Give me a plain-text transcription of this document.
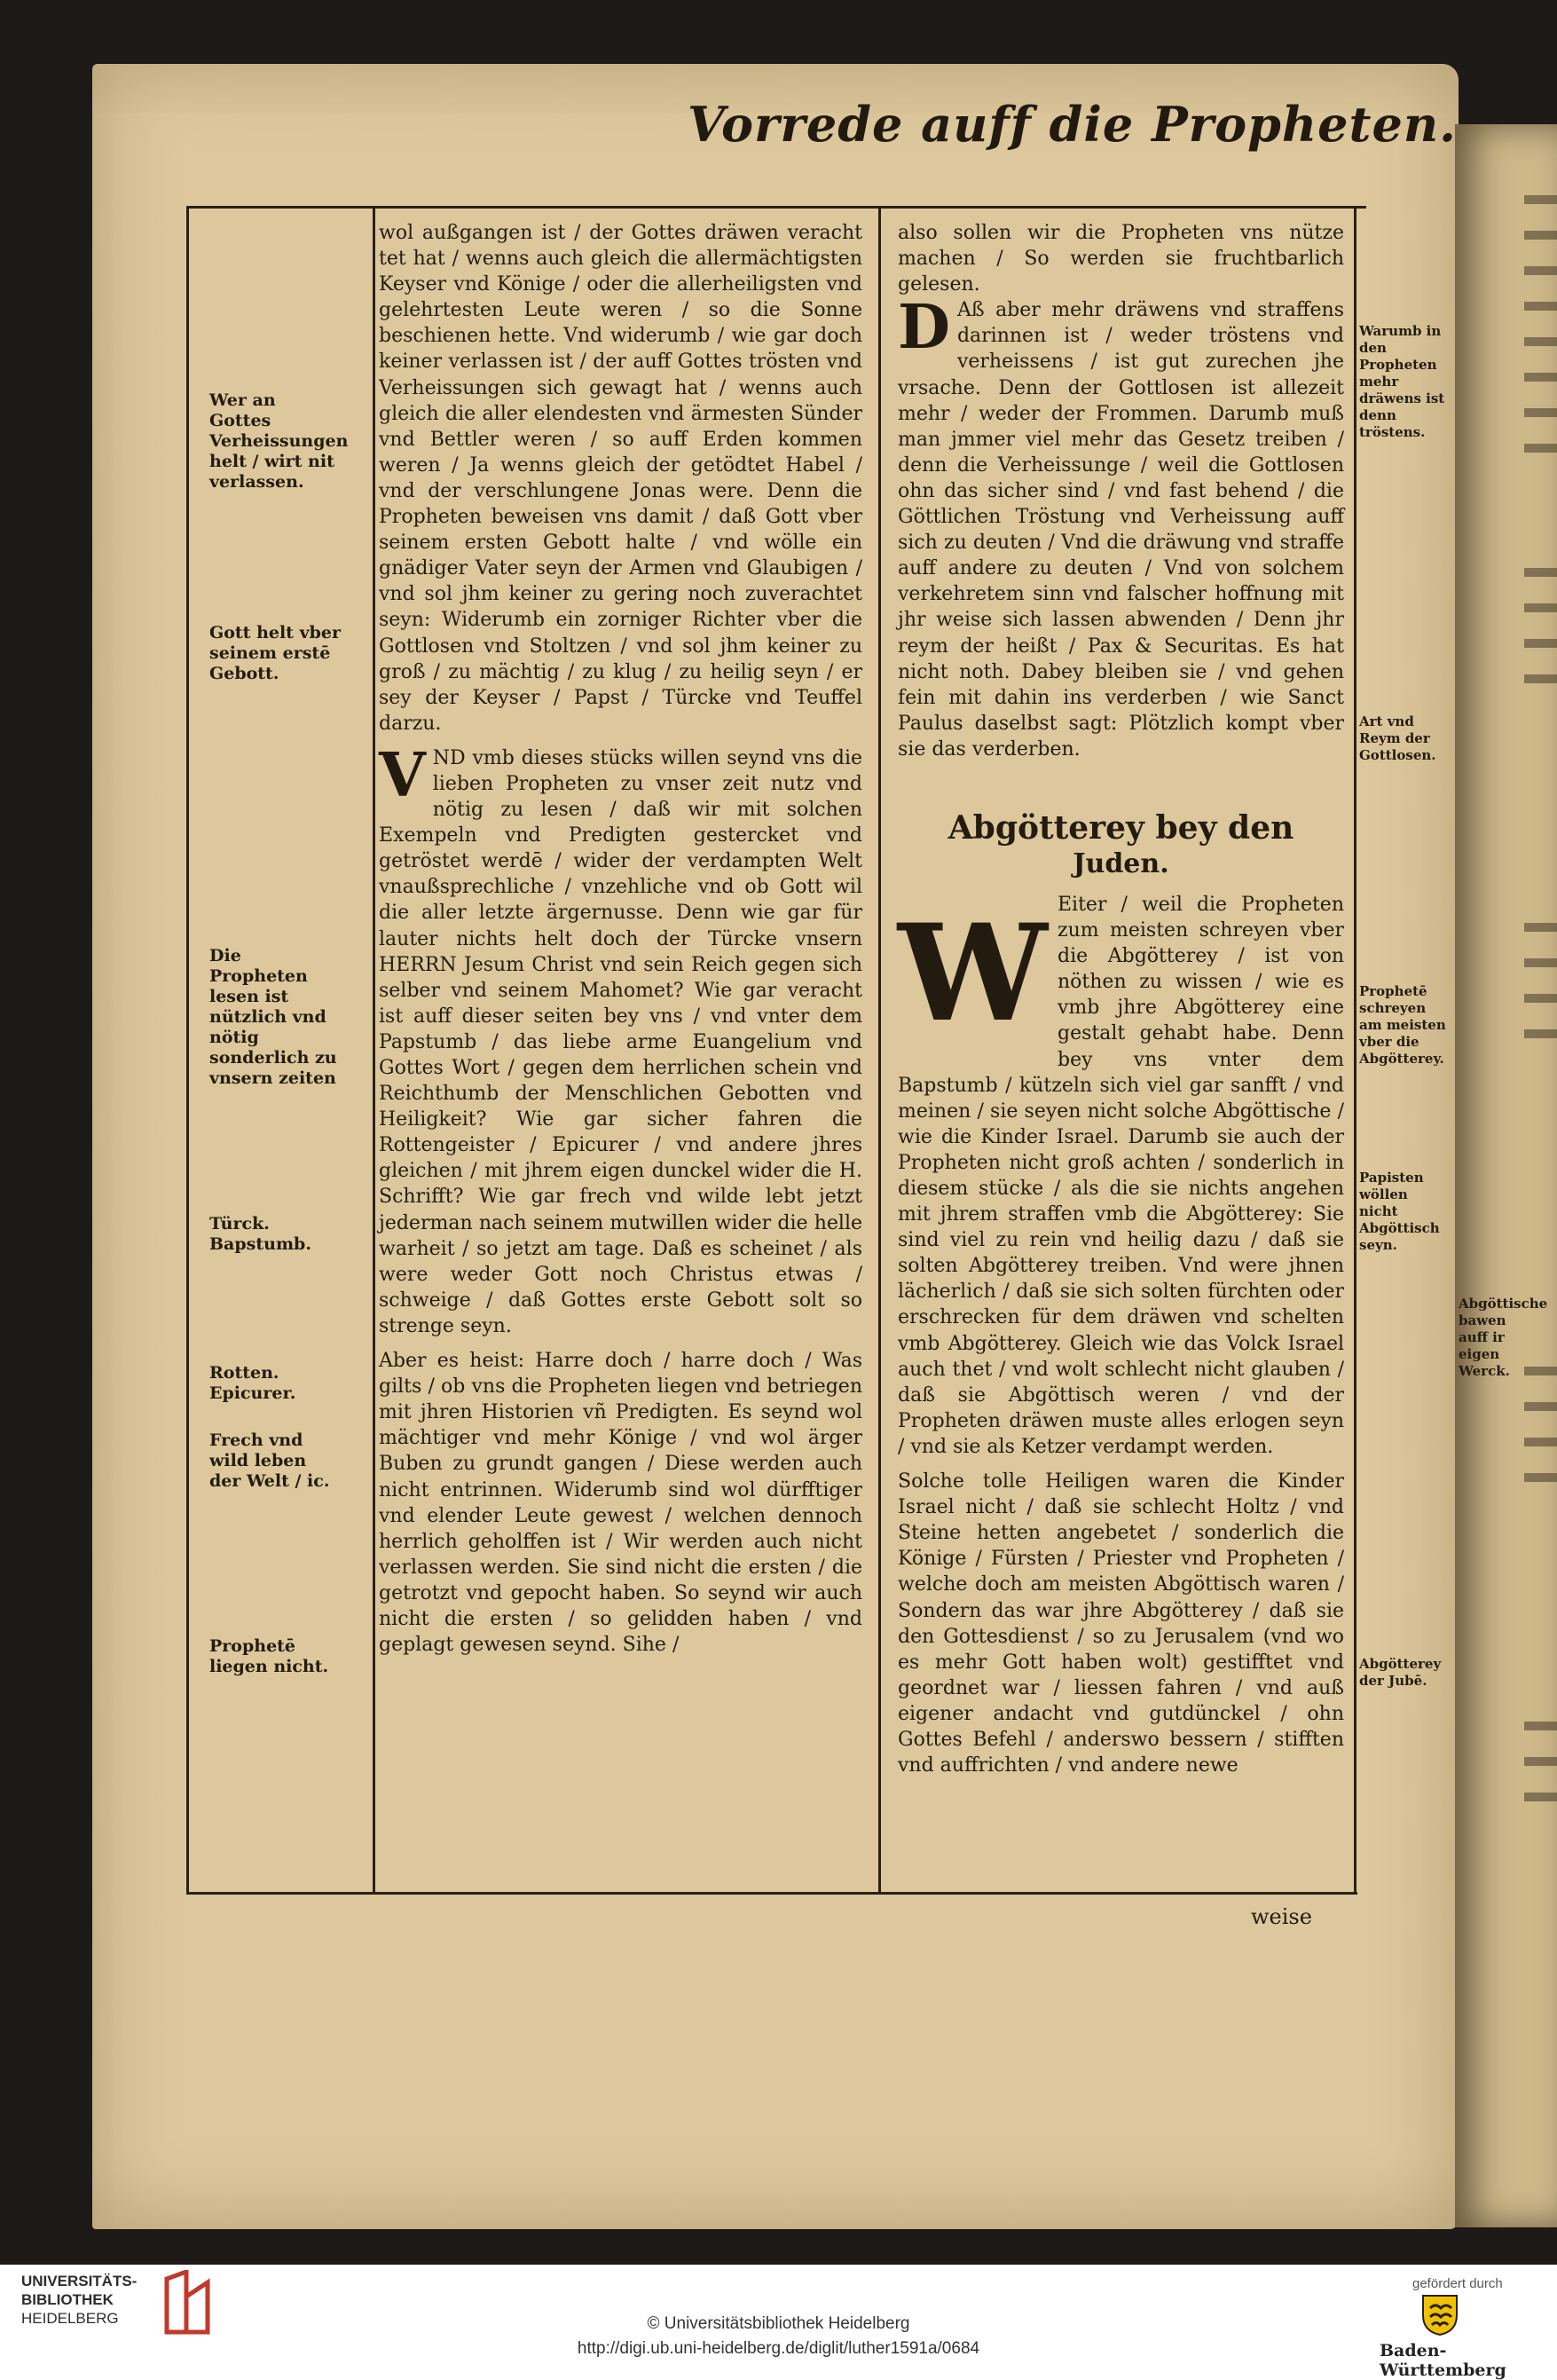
Vorrede auff die Propheten.
Wer an Gottes Verheissungen helt / wirt nit verlassen.
Gott helt vber seinem erstē Gebott.
Die Propheten lesen ist nützlich vnd nötig sonderlich zu vnsern zeiten
Türck. Bapstumb.
Rotten. Epicurer.
Frech vnd wild leben der Welt / ic.
Prophetē liegen nicht.

wol außgangen ist / der Gottes dräwen veracht tet hat / wenns auch gleich die allermächtigsten Keyser vnd Könige / oder die allerheiligsten vnd gelehrtesten Leute weren / so die Sonne beschienen hette. Vnd widerumb / wie gar doch keiner verlassen ist / der auff Gottes trösten vnd Verheissungen sich gewagt hat / wenns auch gleich die aller elendesten vnd ärmesten Sünder vnd Bettler weren / so auff Erden kommen weren / Ja wenns gleich der getödtet Habel / vnd der verschlungene Jonas were. Denn die Propheten beweisen vns damit / daß Gott vber seinem ersten Gebott halte / vnd wölle ein gnädiger Vater seyn der Armen vnd Glaubigen / vnd sol jhm keiner zu gering noch zuverachtet seyn: Widerumb ein zorniger Richter vber die Gottlosen vnd Stoltzen / vnd sol jhm keiner zu groß / zu mächtig / zu klug / zu heilig seyn / er sey der Keyser / Papst / Türcke vnd Teuffel darzu.

VND vmb dieses stücks willen seynd vns die lieben Propheten zu vnser zeit nutz vnd nötig zu lesen / daß wir mit solchen Exempeln vnd Predigten gestercket vnd getröstet werdē / wider der verdampten Welt vnaußsprechliche / vnzehliche vnd ob Gott wil die aller letzte ärgernusse. Denn wie gar für lauter nichts helt doch der Türcke vnsern HERRN Jesum Christ vnd sein Reich gegen sich selber vnd seinem Mahomet? Wie gar veracht ist auff dieser seiten bey vns / vnd vnter dem Papstumb / das liebe arme Euangelium vnd Gottes Wort / gegen dem herrlichen schein vnd Reichthumb der Menschlichen Gebotten vnd Heiligkeit? Wie gar sicher fahren die Rottengeister / Epicurer / vnd andere jhres gleichen / mit jhrem eigen dunckel wider die H. Schrifft? Wie gar frech vnd wilde lebt jetzt jederman nach seinem mutwillen wider die helle warheit / so jetzt am tage. Daß es scheinet / als were weder Gott noch Christus etwas / schweige / daß Gottes erste Gebott solt so strenge seyn.

Aber es heist: Harre doch / harre doch / Was gilts / ob vns die Propheten liegen vnd betriegen mit jhren Historien vñ Predigten. Es seynd wol mächtiger vnd mehr Könige / vnd wol ärger Buben zu grundt gangen / Diese werden auch nicht entrinnen. Widerumb sind wol dürfftiger vnd elender Leute gewest / welchen dennoch herrlich geholffen ist / Wir werden auch nicht verlassen werden. Sie sind nicht die ersten / die getrotzt vnd gepocht haben. So seynd wir auch nicht die ersten / so gelidden haben / vnd geplagt gewesen seynd. Sihe /

also sollen wir die Propheten vns nütze machen / So werden sie fruchtbarlich gelesen.

D Aß aber mehr dräwens vnd straffens darinnen ist / weder tröstens vnd verheissens / ist gut zurechen jhe vrsache. Denn der Gottlosen ist allezeit mehr / weder der Frommen. Darumb muß man jmmer viel mehr das Gesetz treiben / denn die Verheissunge / weil die Gottlosen ohn das sicher sind / vnd fast behend / die Göttlichen Tröstung vnd Verheissung auff sich zu deuten / Vnd die dräwung vnd straffe auff andere zu deuten / Vnd von solchem verkehretem sinn vnd falscher hoffnung mit jhr weise sich lassen abwenden / Denn jhr reym der heißt / Pax & Securitas. Es hat nicht noth. Dabey bleiben sie / vnd gehen fein mit dahin ins verderben / wie Sanct Paulus daselbst sagt: Plötzlich kompt vber sie das verderben.

Abgötterey bey den
Juden.

W Eiter / weil die Propheten zum meisten schreyen vber die Abgötterey / ist von nöthen zu wissen / wie es vmb jhre Abgötterey eine gestalt gehabt habe. Denn bey vns vnter dem Bapstumb / kützeln sich viel gar sanfft / vnd meinen / sie seyen nicht solche Abgöttische / wie die Kinder Israel. Darumb sie auch der Propheten nicht groß achten / sonderlich in diesem stücke / als die sie nichts angehen mit jhrem straffen vmb die Abgötterey: Sie sind viel zu rein vnd heilig dazu / daß sie solten Abgötterey treiben. Vnd were jhnen lächerlich / daß sie sich solten fürchten oder erschrecken für dem dräwen vnd schelten vmb Abgötterey. Gleich wie das Volck Israel auch thet / vnd wolt schlecht nicht glauben / daß sie Abgöttisch weren / vnd der Propheten dräwen muste alles erlogen seyn / vnd sie als Ketzer verdampt werden.

Solche tolle Heiligen waren die Kinder Israel nicht / daß sie schlecht Holtz / vnd Steine hetten angebetet / sonderlich die Könige / Fürsten / Priester vnd Propheten / welche doch am meisten Abgöttisch waren / Sondern das war jhre Abgötterey / daß sie den Gottesdienst / so zu Jerusalem (vnd wo es mehr Gott haben wolt) gestifftet vnd geordnet war / liessen fahren / vnd auß eigener andacht vnd gutdünckel / ohn Gottes Befehl / anderswo bessern / stifften vnd auffrichten / vnd andere newe

Warumb in den Propheten mehr dräwens ist denn tröstens.
Art vnd Reym der Gottlosen.
Prophetē schreyen am meisten vber die Abgötterey.
Papisten wöllen nicht Abgöttisch seyn.
Abgötterey der Jubē.
Abgöttische bawen auff ir eigen Werck.
weise
UNIVERSITÄTS-
BIBLIOTHEK
HEIDELBERG	© Universitätsbibliothek Heidelberg
http://digi.ub.uni-heidelberg.de/diglit/luther1591a/0684
gefördert durch
Baden-Württemberg
